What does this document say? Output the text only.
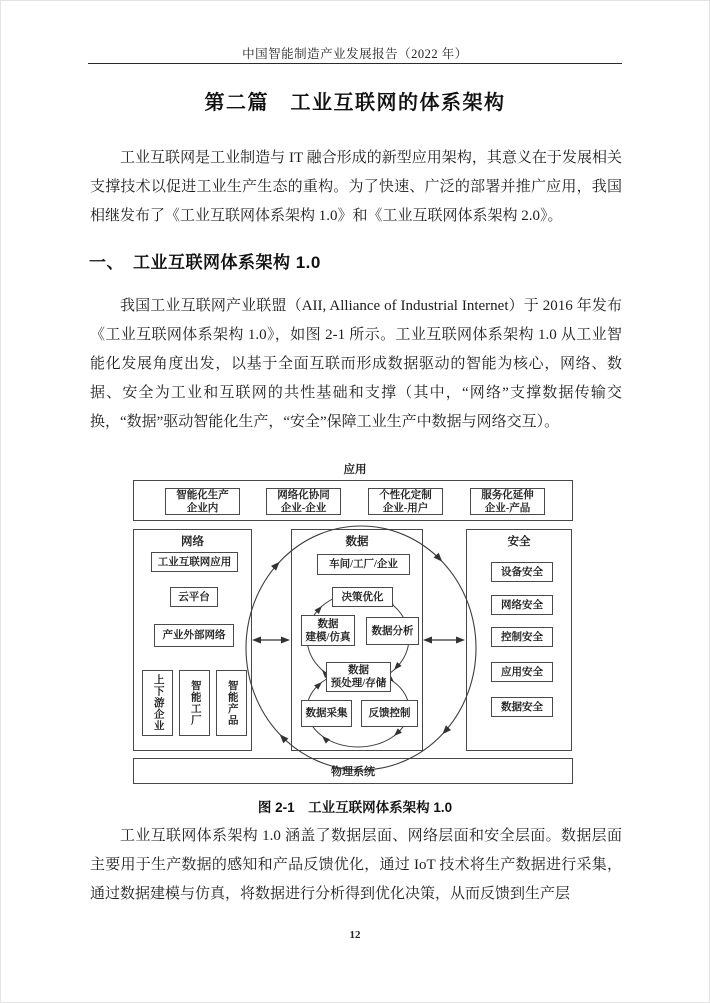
中国智能制造产业发展报告（2022 年）
第二篇　工业互联网的体系架构

工业互联网是工业制造与 IT 融合形成的新型应用架构，其意义在于发展相关支撑技术以促进工业生产生态的重构。为了快速、广泛的部署并推广应用，我国相继发布了《工业互联网体系架构 1.0》和《工业互联网体系架构 2.0》。

一、　工业互联网体系架构 1.0

我国工业互联网产业联盟（AII, Alliance of Industrial Internet）于 2016 年发布《工业互联网体系架构 1.0》，如图 2-1 所示。工业互联网体系架构 1.0 从工业智能化发展角度出发，以基于全面互联而形成数据驱动的智能为核心，网络、数据、安全为工业和互联网的共性基础和支撑（其中，“网络”支撑数据传输交换，“数据”驱动智能化生产，“安全”保障工业生产中数据与网络交互）。

应用
智能化生产
企业内
网络化协同
企业-企业
个性化定制
企业-用户
服务化延伸
企业-产品
网络
工业互联网应用
云平台
产业外部网络
上下游企业	智能工厂	智能产品
数据
车间/工厂/企业
决策优化
数据
建模/仿真
数据分析
数据
预处理/存储
数据采集	反馈控制
安全
设备安全
网络安全
控制安全
应用安全
数据安全
物理系统
图 2-1　工业互联网体系架构 1.0

工业互联网体系架构 1.0 涵盖了数据层面、网络层面和安全层面。数据层面主要用于生产数据的感知和产品反馈优化，通过 IoT 技术将生产数据进行采集，通过数据建模与仿真，将数据进行分析得到优化决策，从而反馈到生产层

12
